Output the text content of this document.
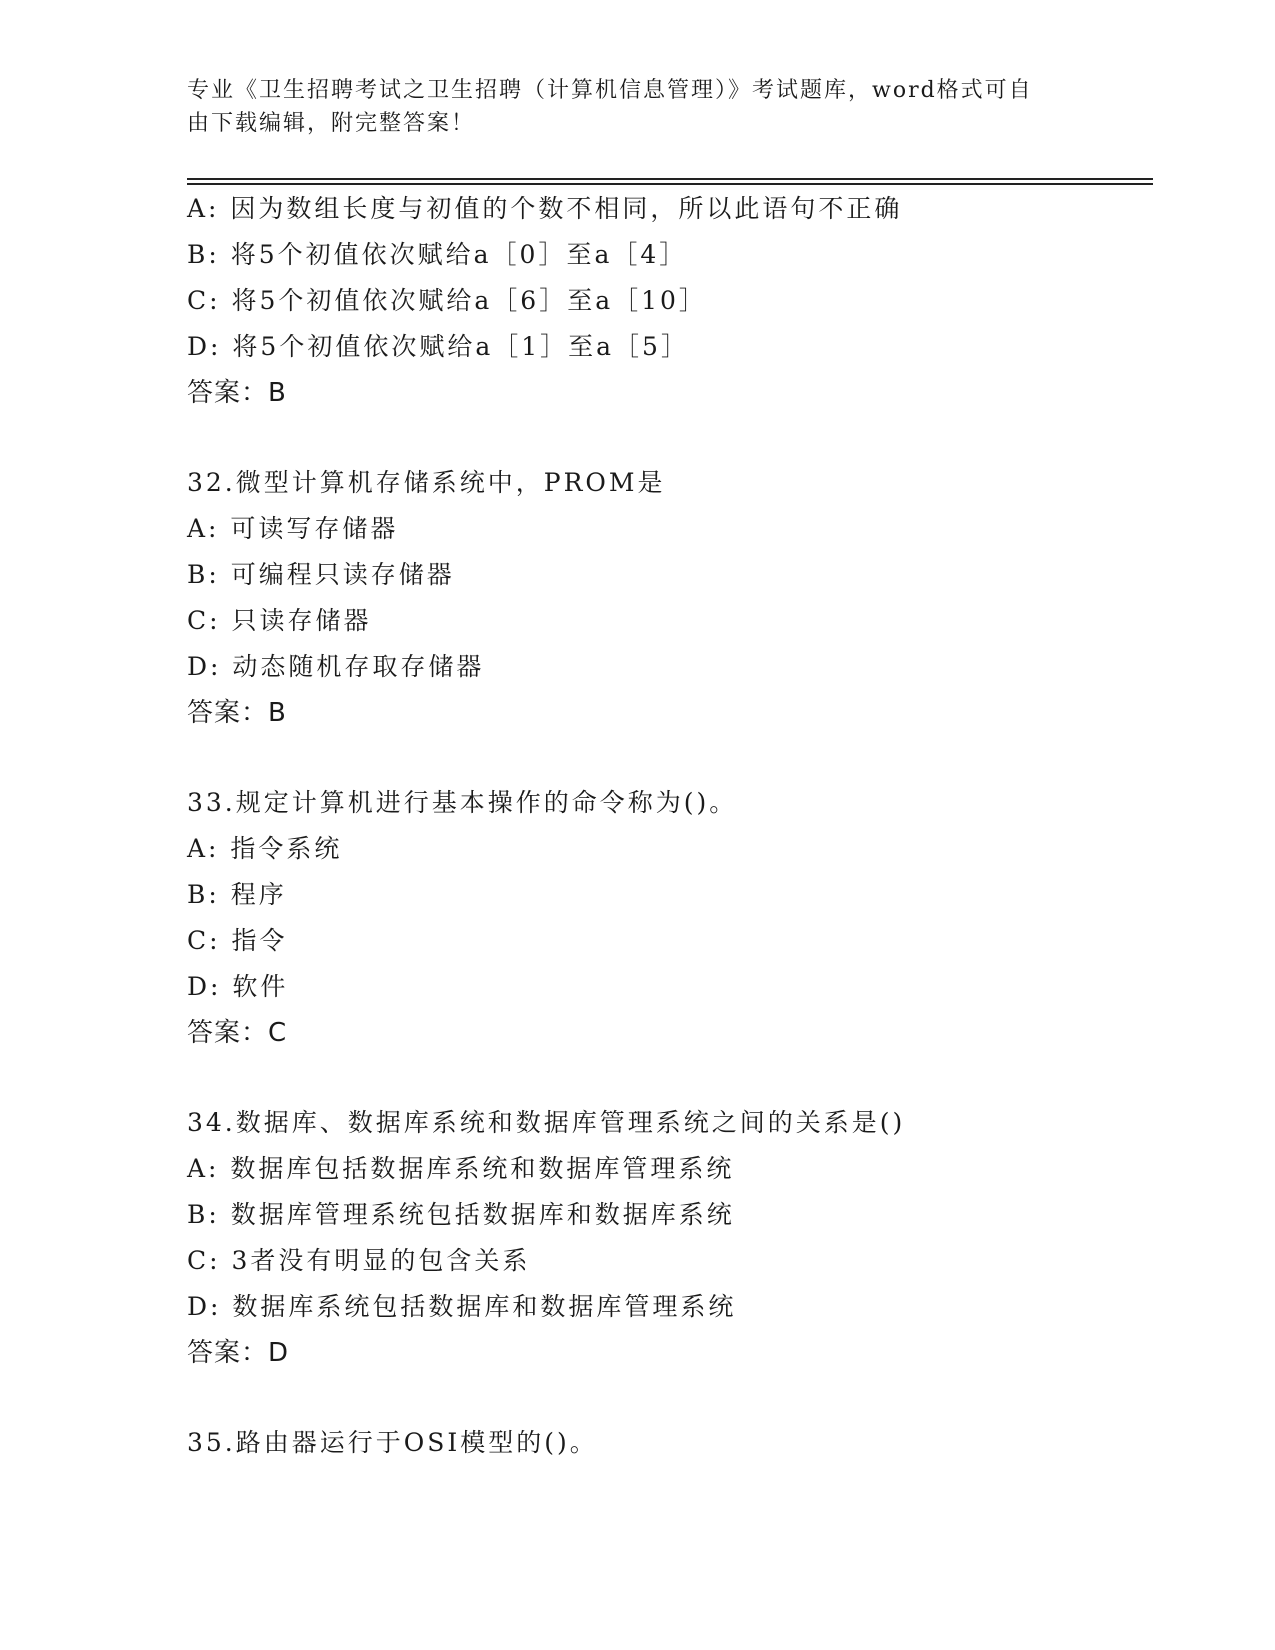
专业《卫生招聘考试之卫生招聘（计算机信息管理）》考试题库，word格式可自
由下载编辑，附完整答案！
A: 因为数组长度与初值的个数不相同，所以此语句不正确
B: 将5个初值依次赋给a［0］至a［4］
C: 将5个初值依次赋给a［6］至a［10］
D: 将5个初值依次赋给a［1］至a［5］
答案：B
32.微型计算机存储系统中，PROM是
A: 可读写存储器
B: 可编程只读存储器
C: 只读存储器
D: 动态随机存取存储器
答案：B
33.规定计算机进行基本操作的命令称为()。
A: 指令系统
B: 程序
C: 指令
D: 软件
答案：C
34.数据库、数据库系统和数据库管理系统之间的关系是()
A: 数据库包括数据库系统和数据库管理系统
B: 数据库管理系统包括数据库和数据库系统
C: 3者没有明显的包含关系
D: 数据库系统包括数据库和数据库管理系统
答案：D
35.路由器运行于OSI模型的()。
